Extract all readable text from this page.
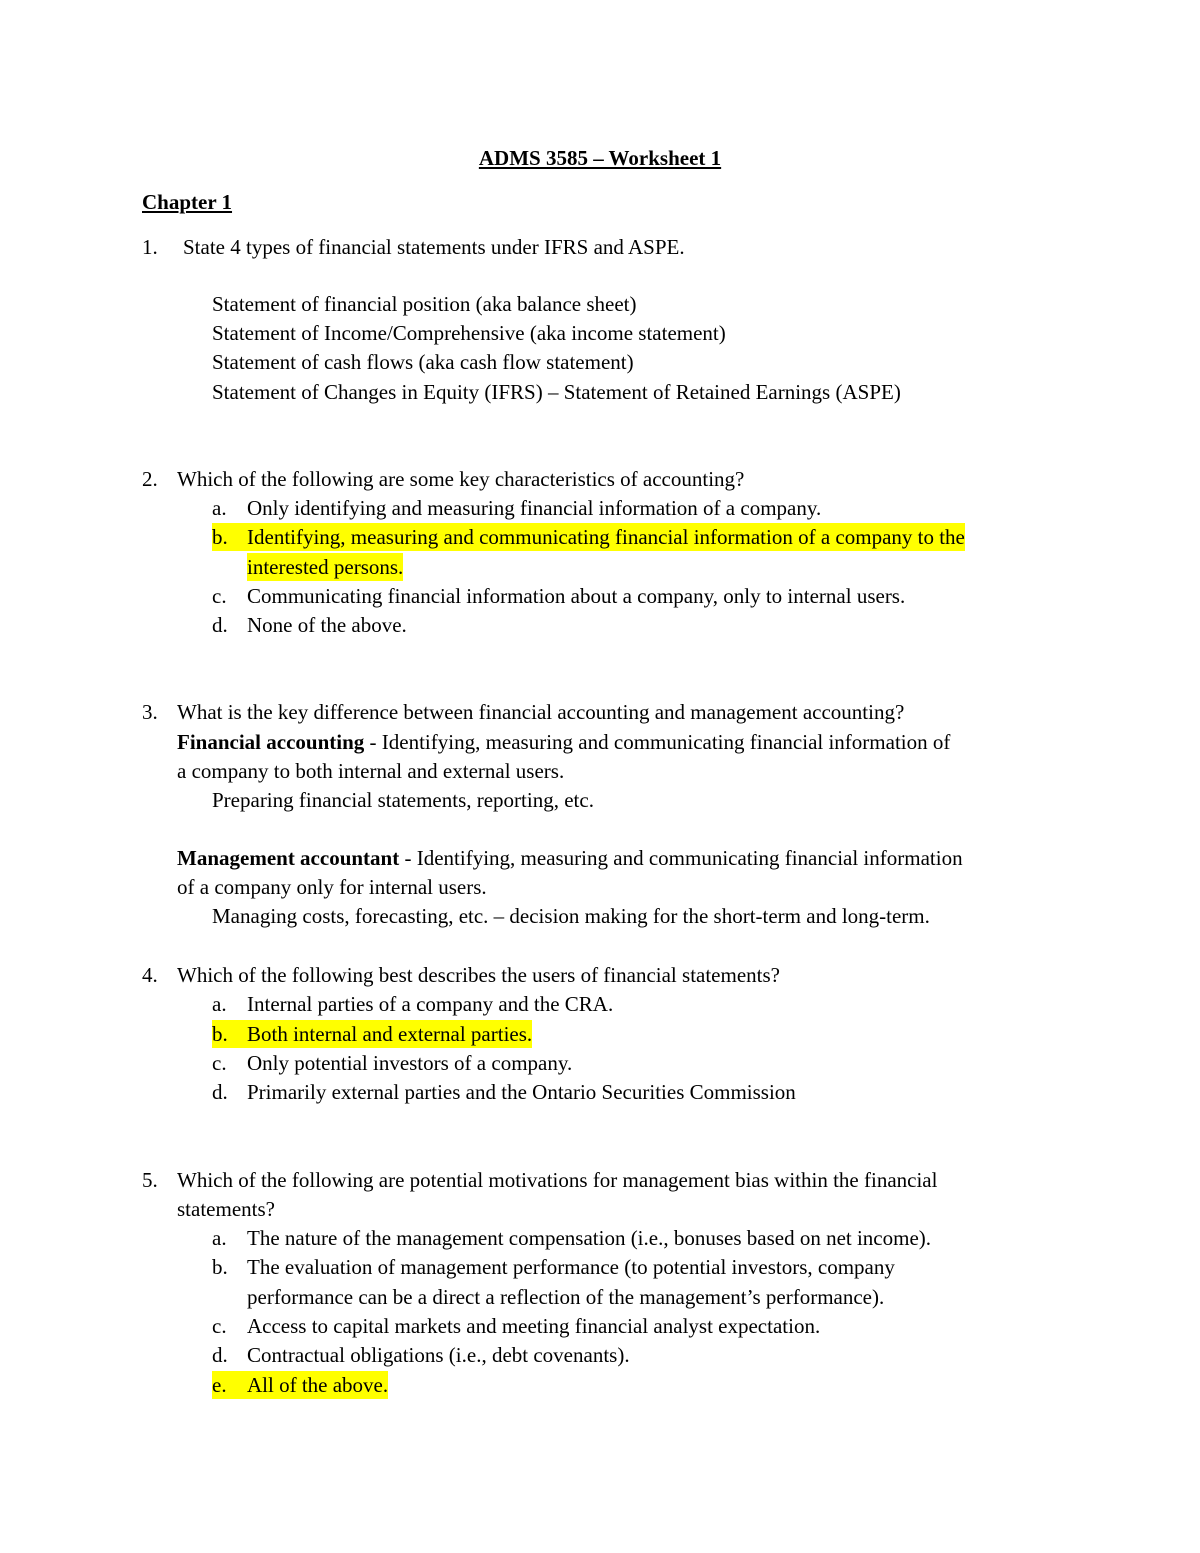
ADMS 3585 – Worksheet 1
Chapter 1
1. State 4 types of financial statements under IFRS and ASPE.
Statement of financial position (aka balance sheet)
Statement of Income/Comprehensive (aka income statement)
Statement of cash flows (aka cash flow statement)
Statement of Changes in Equity (IFRS) – Statement of Retained Earnings (ASPE)
2. Which of the following are some key characteristics of accounting?
a. Only identifying and measuring financial information of a company.
b. Identifying, measuring and communicating financial information of a company to the
interested persons.
c. Communicating financial information about a company, only to internal users.
d. None of the above.
3. What is the key difference between financial accounting and management accounting?
Financial accounting - Identifying, measuring and communicating financial information of
a company to both internal and external users.
Preparing financial statements, reporting, etc.
Management accountant - Identifying, measuring and communicating financial information
of a company only for internal users.
Managing costs, forecasting, etc. – decision making for the short-term and long-term.
4. Which of the following best describes the users of financial statements?
a. Internal parties of a company and the CRA.
b. Both internal and external parties.
c. Only potential investors of a company.
d. Primarily external parties and the Ontario Securities Commission
5. Which of the following are potential motivations for management bias within the financial
statements?
a. The nature of the management compensation (i.e., bonuses based on net income).
b. The evaluation of management performance (to potential investors, company
performance can be a direct a reflection of the management’s performance).
c. Access to capital markets and meeting financial analyst expectation.
d. Contractual obligations (i.e., debt covenants).
e. All of the above.
